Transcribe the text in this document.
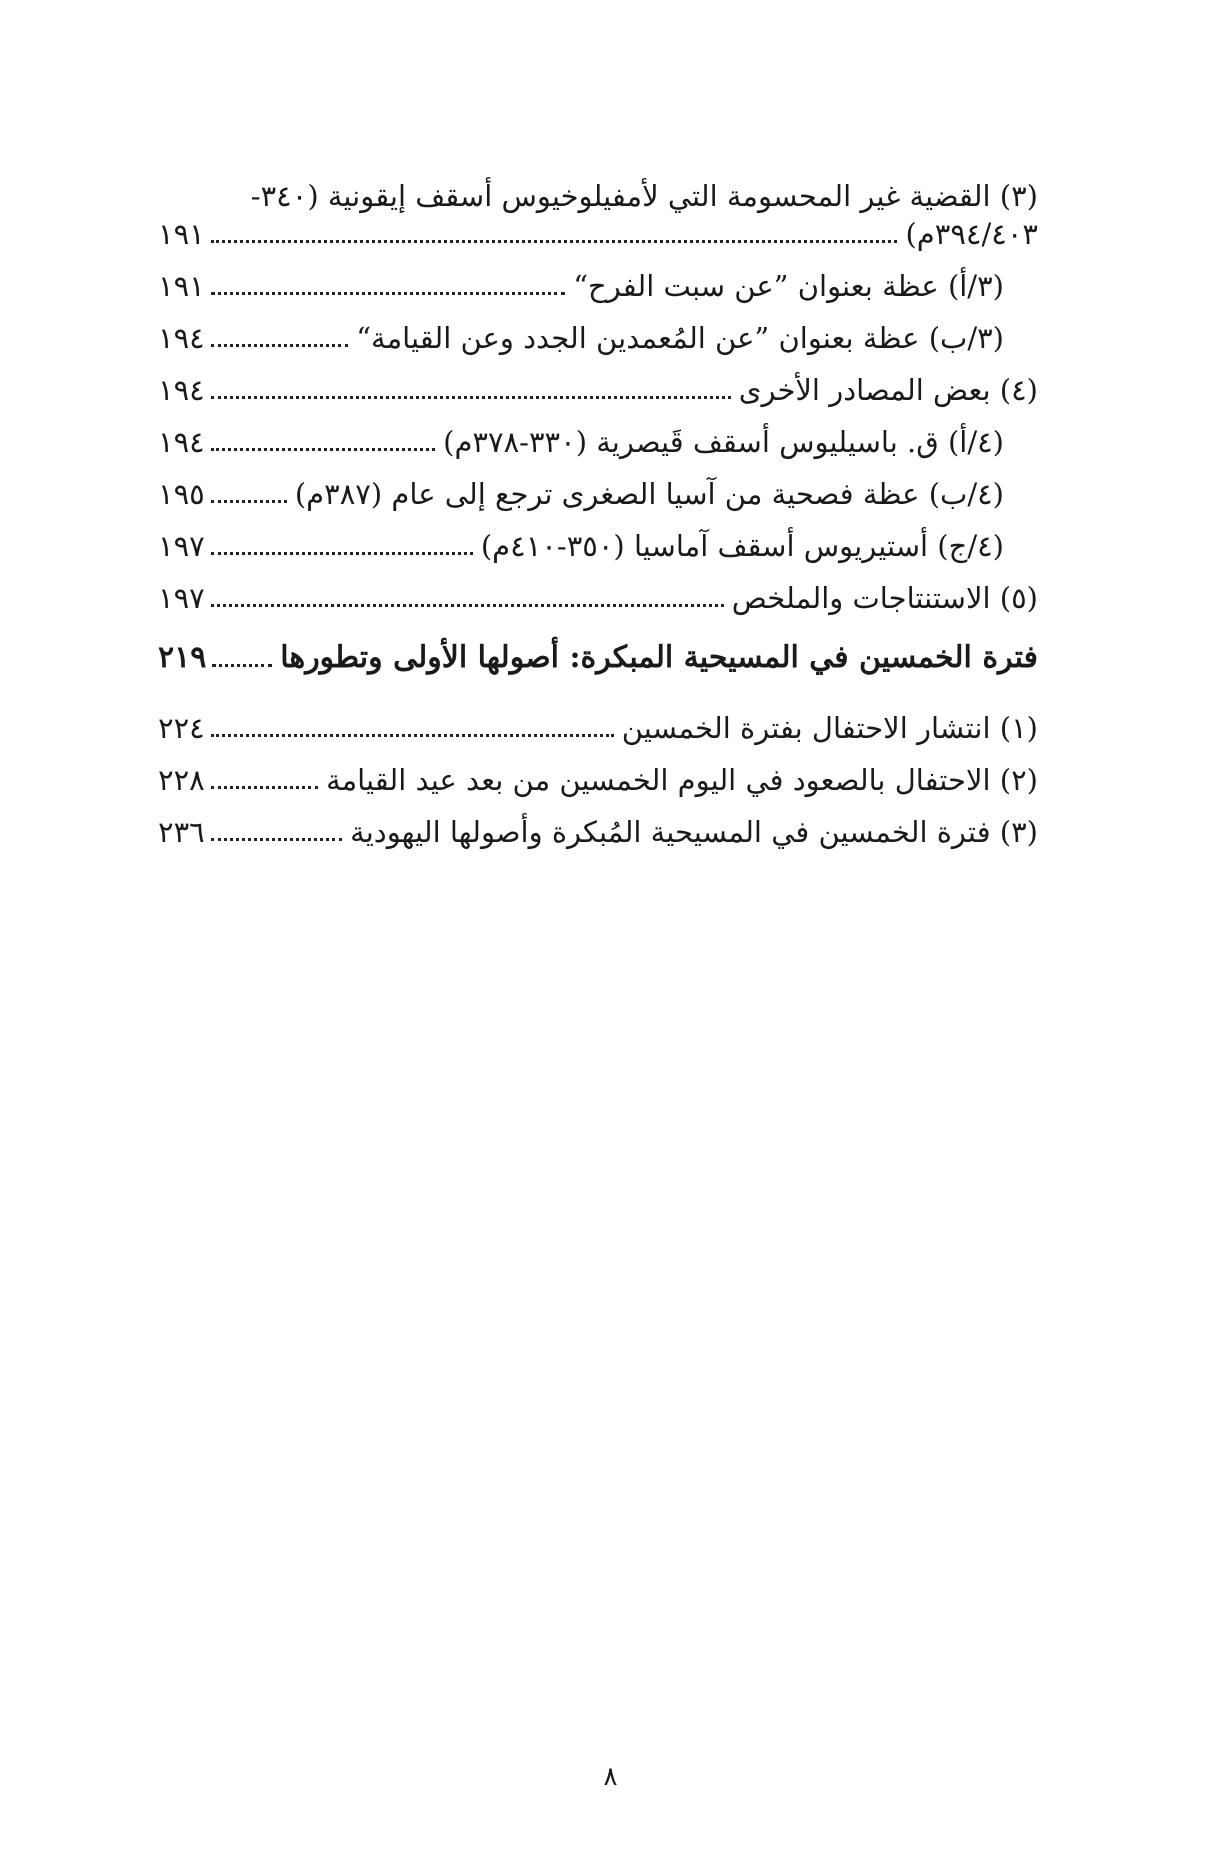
(٣) القضية غير المحسومة التي لأمفيلوخيوس أسقف إيقونية (٣٤٠-
٣٩٤/٤٠٣م)
١٩١
(٣/أ) عظة بعنوان ”عن سبت الفرح“
١٩١
(٣/ب) عظة بعنوان ”عن المُعمدين الجدد وعن القيامة“
١٩٤
(٤) بعض المصادر الأخرى
١٩٤
(٤/أ) ق. باسيليوس أسقف قَيصرية (٣٣٠-٣٧٨م)
١٩٤
(٤/ب) عظة فصحية من آسيا الصغرى ترجع إلى عام (٣٨٧م)
١٩٥
(٤/ج) أستيريوس أسقف آماسيا (٣٥٠-٤١٠م)
١٩٧
(٥) الاستنتاجات والملخص
١٩٧
فترة الخمسين في المسيحية المبكرة: أصولها الأولى وتطورها
٢١٩
(١) انتشار الاحتفال بفترة الخمسين
٢٢٤
(٢) الاحتفال بالصعود في اليوم الخمسين من بعد عيد القيامة
٢٢٨
(٣) فترة الخمسين في المسيحية المُبكرة وأصولها اليهودية
٢٣٦
٨
